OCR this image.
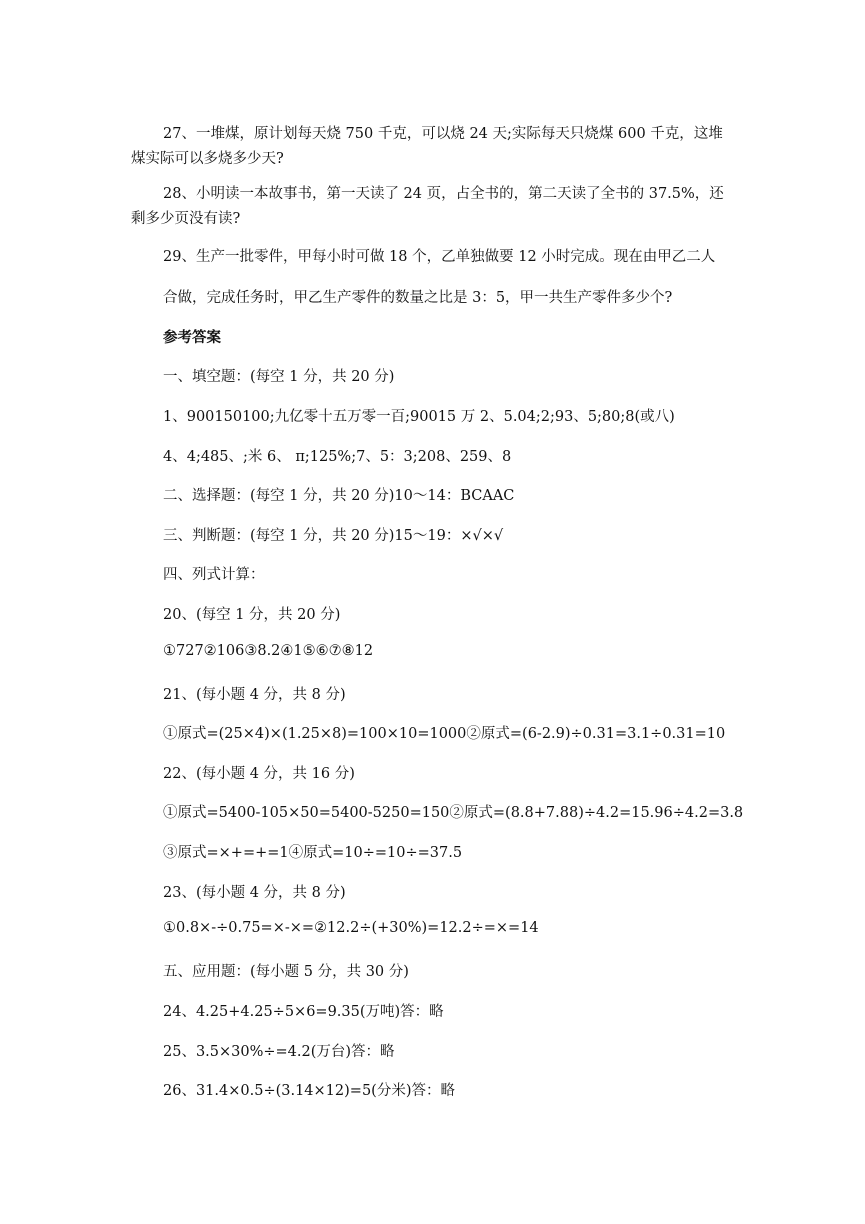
27、一堆煤，原计划每天烧 750 千克，可以烧 24 天;实际每天只烧煤 600 千克，这堆煤实际可以多烧多少天?
28、小明读一本故事书，第一天读了 24 页，占全书的，第二天读了全书的 37.5%，还剩多少页没有读?
29、生产一批零件，甲每小时可做 18 个，乙单独做要 12 小时完成。现在由甲乙二人
合做，完成任务时，甲乙生产零件的数量之比是 3：5，甲一共生产零件多少个?
参考答案
一、填空题：(每空 1 分，共 20 分)
1、900150100;九亿零十五万零一百;90015 万 2、5.04;2;93、5;80;8(或八)
4、4;485、;米 6、 π;125%;7、5：3;208、259、8
二、选择题：(每空 1 分，共 20 分)10～14：BCAAC
三、判断题：(每空 1 分，共 20 分)15～19：×√×√
四、列式计算：
20、(每空 1 分，共 20 分)
①727②106③8.2④1⑤⑥⑦⑧12
21、(每小题 4 分，共 8 分)
①原式=(25×4)×(1.25×8)=100×10=1000②原式=(6-2.9)÷0.31=3.1÷0.31=10
22、(每小题 4 分，共 16 分)
①原式=5400-105×50=5400-5250=150②原式=(8.8+7.88)÷4.2=15.96÷4.2=3.8
③原式=×+=+=1④原式=10÷=10÷=37.5
23、(每小题 4 分，共 8 分)
①0.8×-÷0.75=×-×=②12.2÷(+30%)=12.2÷=×=14
五、应用题：(每小题 5 分，共 30 分)
24、4.25+4.25÷5×6=9.35(万吨)答：略
25、3.5×30%÷=4.2(万台)答：略
26、31.4×0.5÷(3.14×12)=5(分米)答：略
